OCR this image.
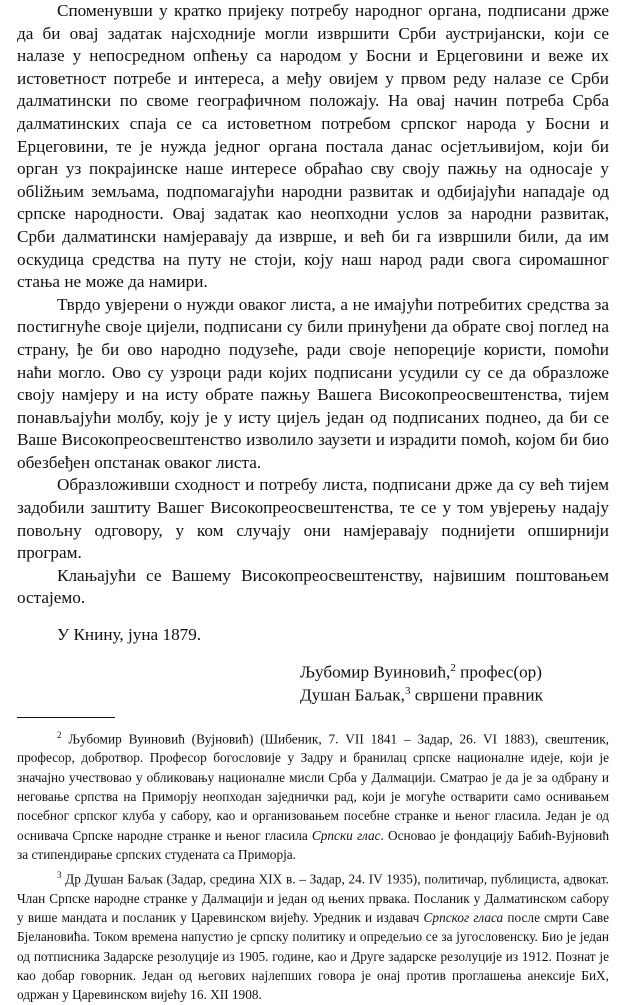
Споменувши у кратко пријеку потребу народног органа, подписани држе да би овај задатак најсходније могли извршити Срби аустријански, који се налазе у непосредном опћењу са народом у Босни и Ерцеговини и веже их истоветност потребе и интереса, а међу овијем у првом реду налазе се Срби далматински по своме географичном положају. На овај начин потреба Срба далматинских спаја се са истоветном потребом српског народа у Босни и Ерцеговини, те је нужда једног органа постала данас осјетљивијом, који би орган уз покрајинске наше интересе обраћао сву своју пажњу на односаје у обližњим земљама, подпомагајући народни развитак и одбијајући нападаје од српске народности. Овај задатак као неопходни услов за народни развитак, Срби далматински намјеравају да изврше, и већ би га извршили били, да им оскудица средства на путу не стоји, коју наш народ ради свога сиромашног стања не може да намири.

Тврдо увјерени о нужди оваког листа, а не имајући потребитих средства за постигнуће своје цијели, подписани су били принуђени да обрате свој поглед на страну, ђе би ово народно подузеће, ради своје непореције користи, помоћи наћи могло. Ово су узроци ради којих подписани усудили су се да образложе своју намјеру и на исту обрате пажњу Вашега Високопреосвештенства, тијем понављајући молбу, коју је у исту цијељ један од подписаних поднео, да би се Ваше Високопреосвештенство изволило заузети и израдити помоћ, којом би био обезбеђен опстанак оваког листа.

Образложивши сходност и потребу листа, подписани држе да су већ тијем задобили заштиту Вашег Високопреосвештенства, те се у том увјерењу надају повољну одговору, у ком случају они намјеравају поднијети опширнији програм.

Клањајући се Вашему Високопреосвештенству, највишим поштовањем остајемо.

У Книну, јуна 1879.

Љубомир Вуиновић,$^2$ профес(ор)
Душан Баљак,$^3$ свршени правник

$^2$ Љубомир Вуиновић (Вујновић) (Шибеник, 7. VII 1841 – Задар, 26. VI 1883), свештеник, професор, добротвор. Професор богословије у Задру и бранилац српске националне идеје, који је значајно учествовао у обликовању националне мисли Срба у Далмацији. Сматрао је да је за одбрану и неговање српства на Приморју неопходан заједнички рад, који је могуће остварити само оснивањем посебног српског клуба у сабору, као и организовањем посебне странке и њеног гласила. Један је од оснивача Српске народне странке и њеног гласила Српски глас. Основао је фондацију Бабић-Вујновић за стипендирање српских студената са Приморја.

$^3$ Др Душан Баљак (Задар, средина XIX в. – Задар, 24. IV 1935), политичар, публициста, адвокат. Члан Српске народне странке у Далмацији и један од њених првака. Посланик у Далматинском сабору у више мандата и посланик у Царевинском вијећу. Уредник и издавач Српског гласа после смрти Саве Бјелановића. Током времена напустио је српску политику и опредељио се за југословенску. Био је један од потписника Задарске резолуције из 1905. године, као и Друге задарске резолуције из 1912. Познат је као добар говорник. Један од његових најлепших говора је онај против проглашења анексије БиХ, одржан у Царевинском вијећу 16. XII 1908.
